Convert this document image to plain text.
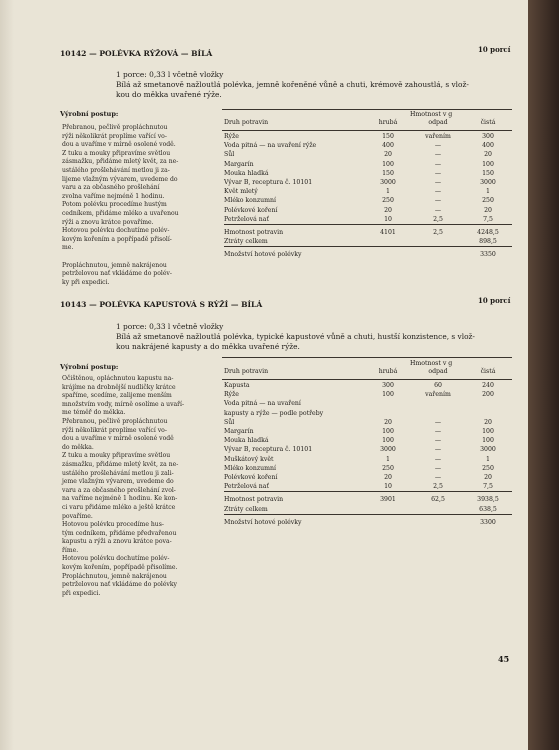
10142 — POLÉVKA RÝŽOVÁ — BÍLÁ	10 porcí
1 porce: 0,33 l včetně vložky
Bílá až smetanově nažloutlá polévka, jemně kořeněné vůně a chuti, krémově zahoustlá, s vlož-
kou do měkka uvařené rýže.
Výrobní postup:
Přebranou, pečlivě propláchnutou
rýži několikrát proplíme vařící vo-
dou a uvaříme v mírně osolené vodě.
Z tuku a mouky připravíme světlou
zásmažku, přidáme mletý květ, za ne-
ustálého prošlehávání metlou ji za-
lijeme vlažným vývarem, uvedeme do
varu a za občasného prošlehání
zvolna vaříme nejméně 1 hodinu.
Potom polévku procedíme hustým
cedníkem, přidáme mléko a uvařenou
rýži a znovu krátce povaříme.
Hotovou polévku dochutíme polév-
kovým kořením a popřípadě přisolí-
me.
Propláchnutou, jemně nakrájenou
petrželovou nať vkládáme do polév-
ky při expedici.
Hmotnost v g
Druh potravin	hrubá	odpad	čistá
Rýže	150	vařením	300
Voda pitná — na uvaření rýže	400	—	400
Sůl	20	—	20
Margarín	100	—	100
Mouka hladká	150	—	150
Vývar B, receptura č. 10101	3000	—	3000
Květ mletý	1	—	1
Mléko konzumní	250	—	250
Polévkové koření	20	—	20
Petrželová nať	10	2,5	7,5

Hmotnost potravin	4101	2,5	4248,5
Ztráty celkem			898,5

Množství hotové polévky			3350
10143 — POLÉVKA KAPUSTOVÁ S RÝŽÍ — BÍLÁ	10 porcí
1 porce: 0,33 l včetně vložky
Bílá až smetanově nažloutlá polévka, typické kapustové vůně a chuti, hustší konzistence, s vlož-
kou nakrájené kapusty a do měkka uvařené rýže.
Výrobní postup:
Očištěnou, opláchnutou kapustu na-
krájíme na drobnější nudličky krátce
spaříme, scedíme, zalijeme menším
množstvím vody, mírně osolíme a uvaří-
me téměř do měkka.
Přebranou, pečlivě propláchnutou
rýži několikrát proplíme vařící vo-
dou a uvaříme v mírně osolené vodě
do měkka.
Z tuku a mouky připravíme světlou
zásmažku, přidáme mletý květ, za ne-
ustálého prošlehávání metlou ji zali-
jeme vlažným vývarem, uvedeme do
varu a za občasného prošlehání zvol-
na vaříme nejméně 1 hodinu. Ke kon-
ci varu přidáme mléko a ještě krátce
povaříme.
Hotovou polévku procedíme hus-
tým cedníkem, přidáme předvařenou
kapustu a rýži a znovu krátce pova-
říme.
Hotovou polévku dochutíme polév-
kovým kořením, popřípadě přisolíme.
Propláchnutou, jemně nakrájenou
petrželovou nať vkládáme do polévky
při expedici.
Hmotnost v g
Druh potravin	hrubá	odpad	čistá
Kapusta	300	60	240
Rýže	100	vařením	200
Voda pitná — na uvaření			
kapusty a rýže — podle potřeby			
Sůl	20	—	20
Margarín	100	—	100
Mouka hladká	100	—	100
Vývar B, receptura č. 10101	3000	—	3000
Muškátový květ	1	—	1
Mléko konzumní	250	—	250
Polévkové koření	20	—	20
Petrželová nať	10	2,5	7,5

Hmotnost potravin	3901	62,5	3938,5
Ztráty celkem			638,5

Množství hotové polévky			3300
45
